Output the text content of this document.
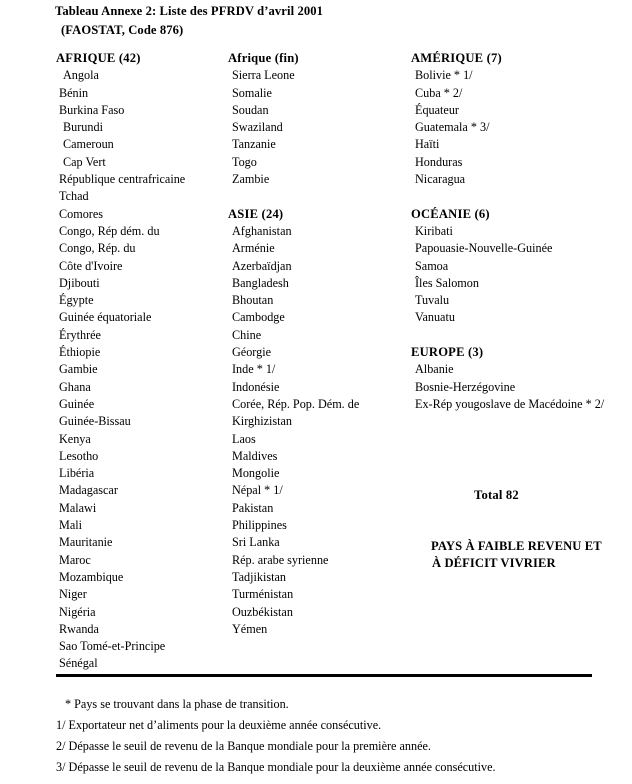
Tableau Annexe 2: Liste des PFRDV d’avril 2001
(FAOSTAT, Code 876)
AFRIQUE (42)
Angola
Bénin
Burkina Faso
Burundi
Cameroun
Cap Vert
République centrafricaine
Tchad
Comores
Congo, Rép dém. du
Congo, Rép. du
Côte d'Ivoire
Djibouti
Égypte
Guinée équatoriale
Érythrée
Éthiopie
Gambie
Ghana
Guinée
Guinée-Bissau
Kenya
Lesotho
Libéria
Madagascar
Malawi
Mali
Mauritanie
Maroc
Mozambique
Niger
Nigéria
Rwanda
Sao Tomé-et-Principe
Sénégal
Afrique (fin)
Sierra Leone
Somalie
Soudan
Swaziland
Tanzanie
Togo
Zambie
ASIE (24)
Afghanistan
Arménie
Azerbaïdjan
Bangladesh
Bhoutan
Cambodge
Chine
Géorgie
Inde * 1/
Indonésie
Corée, Rép. Pop. Dém. de
Kirghizistan
Laos
Maldives
Mongolie
Népal * 1/
Pakistan
Philippines
Sri Lanka
Rép. arabe syrienne
Tadjikistan
Turménistan
Ouzbékistan
Yémen
AMÉRIQUE (7)
Bolivie * 1/
Cuba * 2/
Équateur
Guatemala * 3/
Haïti
Honduras
Nicaragua
OCÉANIE (6)
Kiribati
Papouasie-Nouvelle-Guinée
Samoa
Îles Salomon
Tuvalu
Vanuatu
EUROPE (3)
Albanie
Bosnie-Herzégovine
Ex-Rép yougoslave de Macédoine * 2/
Total 82
PAYS À FAIBLE REVENU ET
À DÉFICIT VIVRIER
* Pays se trouvant dans la phase de transition.
1/ Exportateur net d’aliments pour la deuxième année consécutive.
2/ Dépasse le seuil de revenu de la Banque mondiale pour la première année.
3/ Dépasse le seuil de revenu de la Banque mondiale pour la deuxième année consécutive.
